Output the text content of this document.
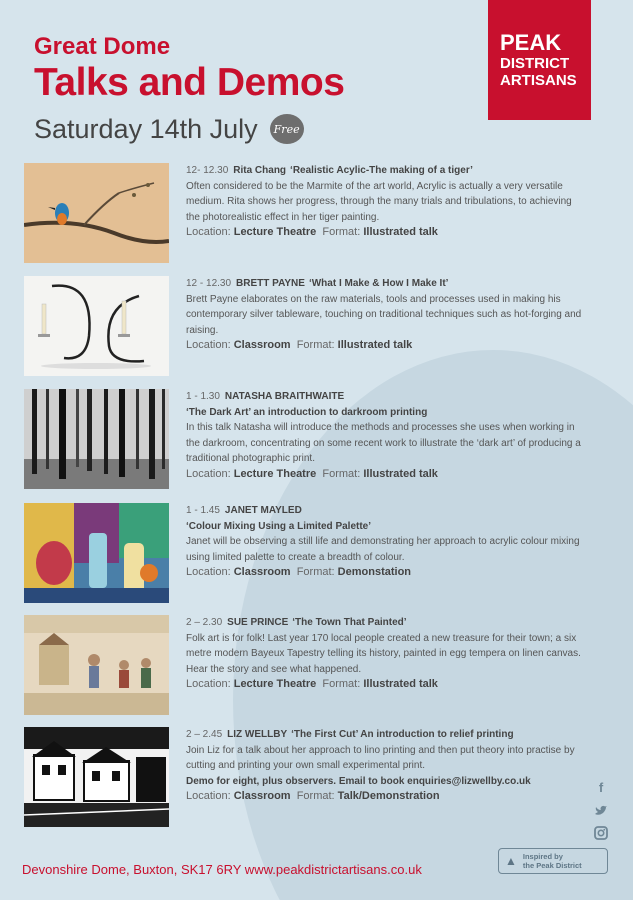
Great Dome
Talks and Demos
Saturday 14th July	Free
PEAK
DISTRICT
ARTISANS
12- 12.30 Rita Chang ‘Realistic Acylic-The making of a tiger’
Often considered to be the Marmite of the art world, Acrylic is actually a very versatile medium. Rita shows her progress, through the many trials and tribulations, to achieving the photorealistic effect in her tiger painting.
Location: Lecture Theatre Format: Illustrated talk
12 - 12.30 BRETT PAYNE ‘What I Make & How I Make It’
Brett Payne elaborates on the raw materials, tools and processes used in making his contemporary silver tableware, touching on traditional techniques such as hot-forging and raising.
Location: Classroom Format: Illustrated talk
1 - 1.30 NATASHA BRAITHWAITE
‘The Dark Art’ an introduction to darkroom printing
In this talk Natasha will introduce the methods and processes she uses when working in the darkroom, concentrating on some recent work to illustrate the ‘dark art’ of producing a traditional photographic print.
Location: Lecture Theatre Format: Illustrated talk
1 - 1.45 JANET MAYLED
‘Colour Mixing Using a Limited Palette’
Janet will be observing a still life and demonstrating her approach to acrylic colour mixing using limited palette to create a breadth of colour.
Location: Classroom Format: Demonstation
2 – 2.30 SUE PRINCE ‘The Town That Painted’
Folk art is for folk! Last year 170 local people created a new treasure for their town; a six metre modern Bayeux Tapestry telling its history, painted in egg tempera on linen canvas. Hear the story and see what happened.
Location: Lecture Theatre Format: Illustrated talk
2 – 2.45 LIZ WELLBY ‘The First Cut’ An introduction to relief printing
Join Liz for a talk about her approach to lino printing and then put theory into practise by cutting and printing your own small experimental print.
Demo for eight, plus observers. Email to book enquiries@lizwellby.co.uk
Location: Classroom Format: Talk/Demonstration
f
Devonshire Dome, Buxton, SK17 6RY www.peakdistrictartisans.co.uk
▲ Inspired by
the Peak District
